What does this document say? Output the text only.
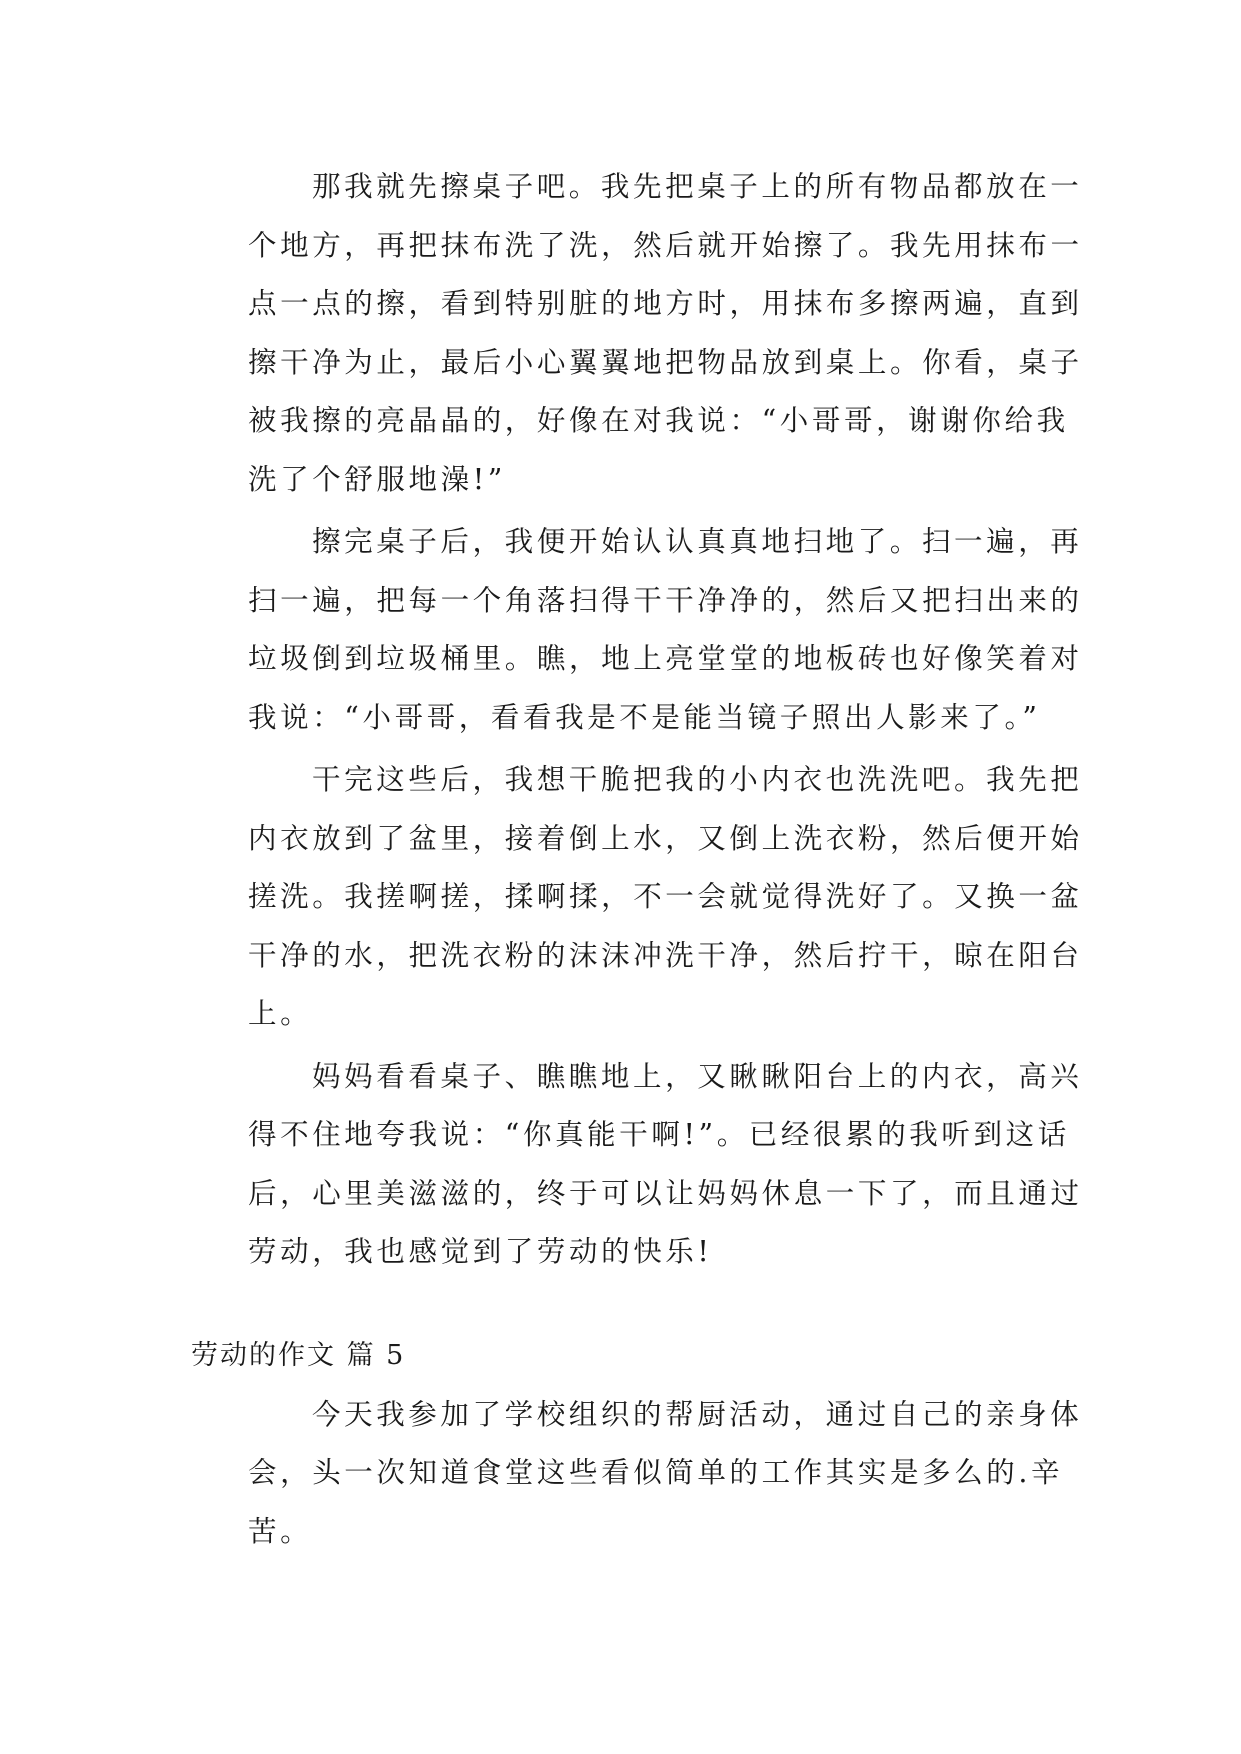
那我就先擦桌子吧。我先把桌子上的所有物品都放在一
个地方，再把抹布洗了洗，然后就开始擦了。我先用抹布一
点一点的擦，看到特别脏的地方时，用抹布多擦两遍，直到
擦干净为止，最后小心翼翼地把物品放到桌上。你看，桌子
被我擦的亮晶晶的，好像在对我说：“小哥哥，谢谢你给我
洗了个舒服地澡!”

擦完桌子后，我便开始认认真真地扫地了。扫一遍，再
扫一遍，把每一个角落扫得干干净净的，然后又把扫出来的
垃圾倒到垃圾桶里。瞧，地上亮堂堂的地板砖也好像笑着对
我说：“小哥哥，看看我是不是能当镜子照出人影来了。”

干完这些后，我想干脆把我的小内衣也洗洗吧。我先把
内衣放到了盆里，接着倒上水，又倒上洗衣粉，然后便开始
搓洗。我搓啊搓，揉啊揉，不一会就觉得洗好了。又换一盆
干净的水，把洗衣粉的沫沫冲洗干净，然后拧干，晾在阳台
上。

妈妈看看桌子、瞧瞧地上，又瞅瞅阳台上的内衣，高兴
得不住地夸我说：“你真能干啊!”。已经很累的我听到这话
后，心里美滋滋的，终于可以让妈妈休息一下了，而且通过
劳动，我也感觉到了劳动的快乐!

劳动的作文 篇 5

今天我参加了学校组织的帮厨活动，通过自己的亲身体
会，头一次知道食堂这些看似简单的工作其实是多么的.辛
苦。
